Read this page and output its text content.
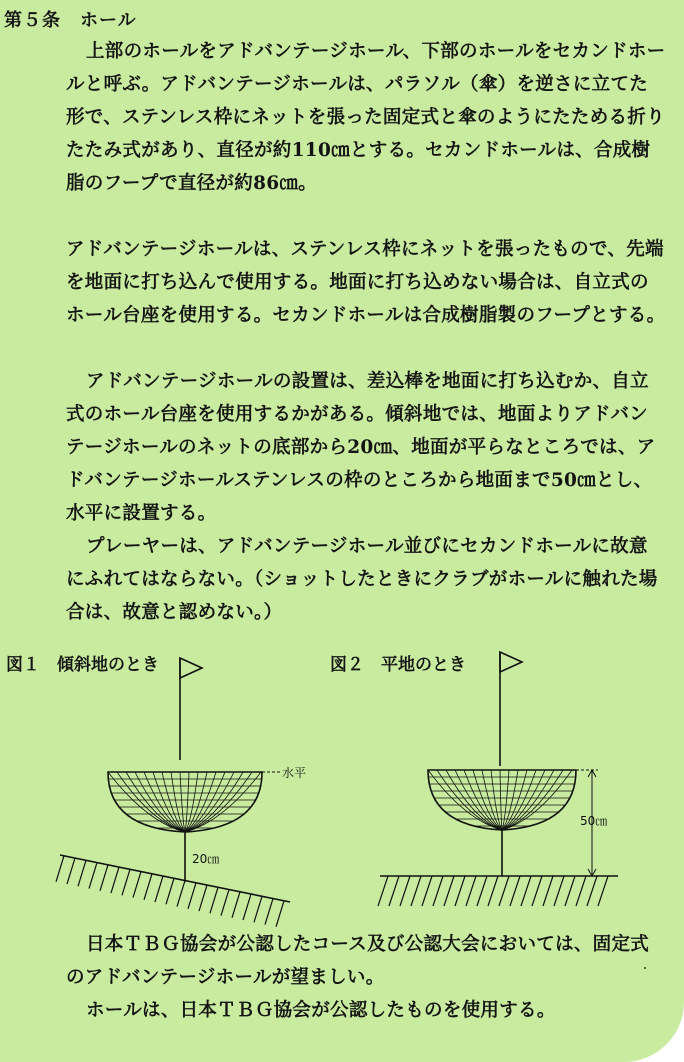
第５条　ホール

上部のホールをアドバンテージホール、下部のホールをセカンドホールと呼ぶ。アドバンテージホールは、パラソル（傘）を逆さに立てた形で、ステンレス枠にネットを張った固定式と傘のようにたためる折りたたみ式があり、直径が約110㎝とする。セカンドホールは、合成樹脂のフープで直径が約86㎝。

アドバンテージホールは、ステンレス枠にネットを張ったもので、先端を地面に打ち込んで使用する。地面に打ち込めない場合は、自立式のホール台座を使用する。セカンドホールは合成樹脂製のフープとする。

アドバンテージホールの設置は、差込棒を地面に打ち込むか、自立式のホール台座を使用するかがある。傾斜地では、地面よりアドバンテージホールのネットの底部から20㎝、地面が平らなところでは、アドバンテージホールステンレスの枠のところから地面まで50㎝とし、水平に設置する。

プレーヤーは、アドバンテージホール並びにセカンドホールに故意にふれてはならない。（ショットしたときにクラブがホールに触れた場合は、故意と認めない。）

図１　傾斜地のとき	図２　平地のとき
水平
20㎝
50㎝

日本ＴＢＧ協会が公認したコース及び公認大会においては、固定式のアドバンテージホールが望ましい。

ホールは、日本ＴＢＧ協会が公認したものを使用する。
